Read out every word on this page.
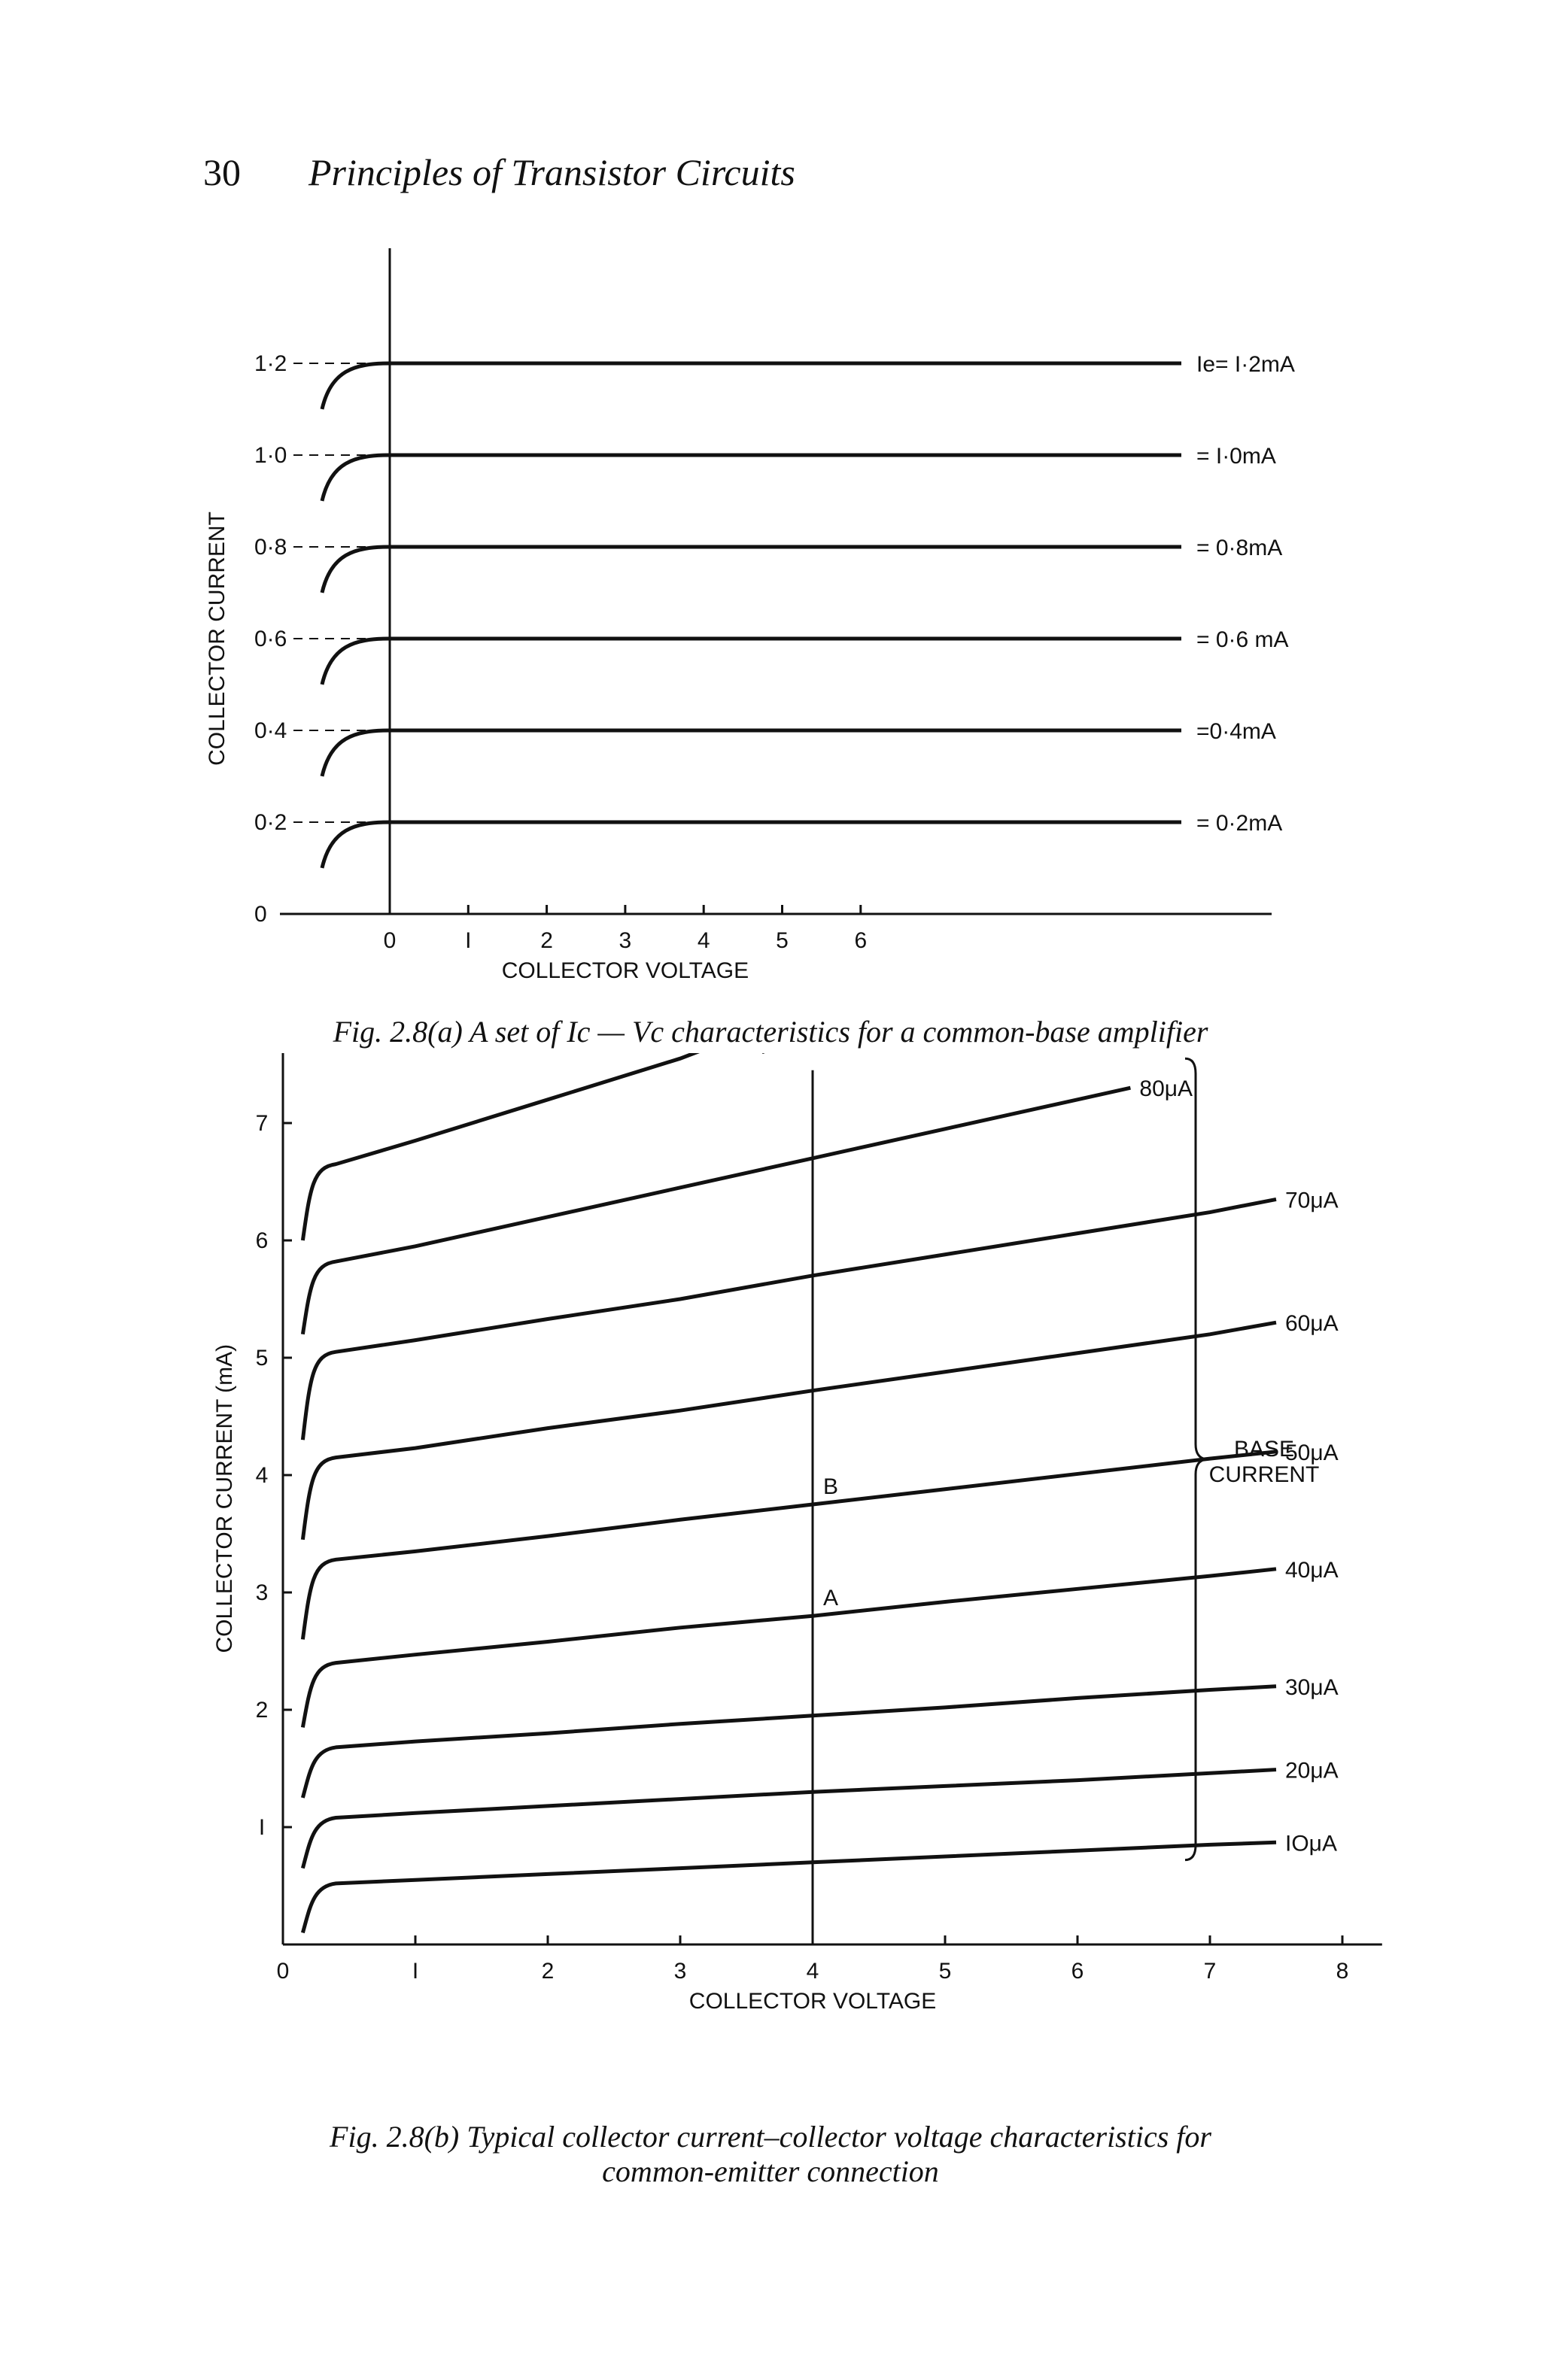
30 Principles of Transistor Circuits
0	I	2	3	4	5	6
0
0·2
0·4
0·6
0·8
1·0
1·2
= 0·2mA
=0·4mA
= 0·6 mA
= 0·8mA
= I·0mA
Ie= I·2mA
COLLECTOR VOLTAGE
COLLECTOR CURRENT
Fig. 2.8(a) A set of Ic — Vc characteristics for a common-base amplifier
0	I	2	3	4	5	6	7	8
I
2
3
4
5
6
7
IOμA
20μA
30μA
40μA
50μA
60μA
70μA
80μA
A
B
BASE
CURRENT
COLLECTOR VOLTAGE
COLLECTOR CURRENT (mA)
Fig. 2.8(b) Typical collector current–collector voltage characteristics for
common-emitter connection
